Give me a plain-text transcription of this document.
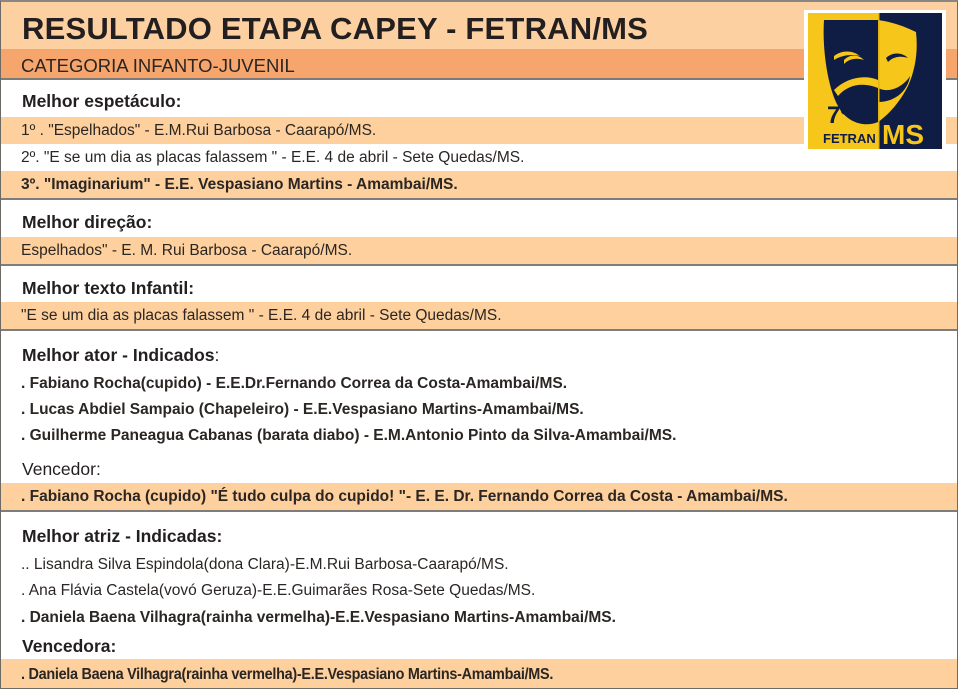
RESULTADO ETAPA CAPEY - FETRAN/MS
CATEGORIA INFANTO-JUVENIL
Melhor espetáculo:
1º . "Espelhados" - E.M.Rui Barbosa - Caarapó/MS.
2º. "E se um dia as placas falassem " - E.E. 4 de abril - Sete Quedas/MS.
3º. "Imaginarium" - E.E. Vespasiano Martins - Amambai/MS.
Melhor direção:
Espelhados" - E. M. Rui Barbosa - Caarapó/MS.
Melhor texto Infantil:
"E se um dia as placas falassem " - E.E. 4 de abril - Sete Quedas/MS.
Melhor ator - Indicados:
. Fabiano Rocha(cupido) - E.E.Dr.Fernando Correa da Costa-Amambai/MS.
. Lucas Abdiel Sampaio (Chapeleiro) - E.E.Vespasiano Martins-Amambai/MS.
. Guilherme Paneagua Cabanas (barata diabo) - E.M.Antonio Pinto da Silva-Amambai/MS.
Vencedor:
. Fabiano Rocha (cupido) "É tudo culpa do cupido! "- E. E. Dr. Fernando Correa da Costa - Amambai/MS.
Melhor atriz - Indicadas:
.. Lisandra Silva Espindola(dona Clara)-E.M.Rui Barbosa-Caarapó/MS.
. Ana Flávia Castela(vovó Geruza)-E.E.Guimarães Rosa-Sete Quedas/MS.
. Daniela Baena Vilhagra(rainha vermelha)-E.E.Vespasiano Martins-Amambai/MS.
Vencedora:
. Daniela Baena Vilhagra(rainha vermelha)-E.E.Vespasiano Martins-Amambai/MS.
7º
FETRAN MS
